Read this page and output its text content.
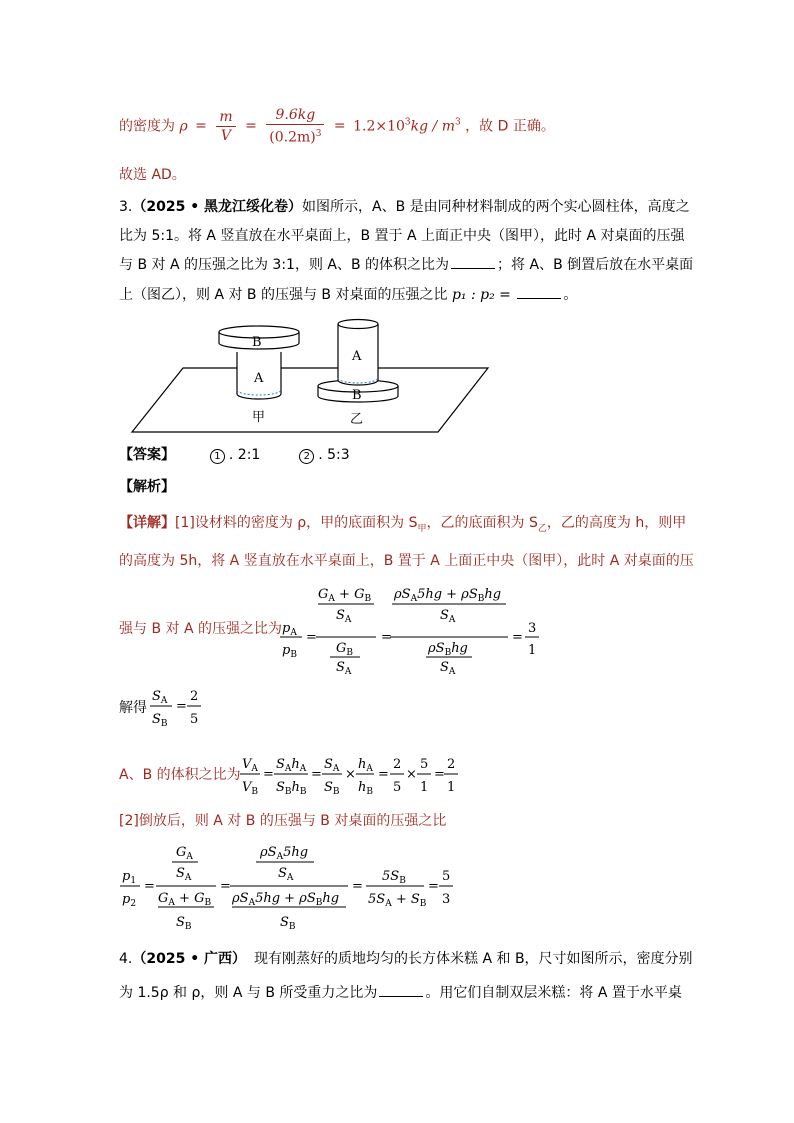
的密度为 $\rho = \frac{m}{V} = \frac{9.6kg}{(0.2m)^3} = 1.2\times 10^3kg / m^3$ ，故 D 正确。
故选 AD。
3.（2025 • 黑龙江绥化卷）如图所示，A、B 是由同种材料制成的两个实心圆柱体，高度之
比为 5:1。将 A 竖直放在水平桌面上，B 置于 A 上面正中央（图甲），此时 A 对桌面的压强
与 B 对 A 的压强之比为 3:1，则 A、B 的体积之比为	；将 A、B 倒置后放在水平桌面
上（图乙），则 A 对 B 的压强与 B 对桌面的压强之比 p₁ : p₂ =	。
B
A
甲
A
B
乙
【答案】	1 . 2:1	2 . 5:3
【解析】
【详解】[1]设材料的密度为 ρ，甲的底面积为 $S_甲$，乙的底面积为 $S_乙$，乙的高度为 h，则甲
的高度为 5h，将 A 竖直放在水平桌面上，B 置于 A 上面正中央（图甲），此时 A 对桌面的压
强与 B 对 A 的压强之比为 $p_A$
$p_B$
=
$G_A + G_B$
$S_A$
$G_B$
$S_A$
=
$\rho S_A5hg + \rho S_Bhg$
$S_A$
$\rho S_Bhg$
$S_A$
=
3
1
解得
$S_A$
$S_B$
=
2
5
A、B 的体积之比为
$V_A$
$V_B$
=
$S_Ah_A$
$S_Bh_B$
=
$S_A$
$S_B$
×
$h_A$
$h_B$
=
2
5
×
5
1
=
2
1
[2]倒放后，则 A 对 B 的压强与 B 对桌面的压强之比
$p_1$
$p_2$
=
$G_A$
$S_A$
$G_A + G_B$
$S_B$
=
$\rho S_A5hg$
$S_A$
$\rho S_A5hg + \rho S_Bhg$
$S_B$
=
$5S_B$
$5S_A + S_B$
=
5
3
4.（2025 • 广西） 现有刚蒸好的质地均匀的长方体米糕 A 和 B，尺寸如图所示，密度分别
为 1.5ρ 和 ρ，则 A 与 B 所受重力之比为	。用它们自制双层米糕：将 A 置于水平桌
